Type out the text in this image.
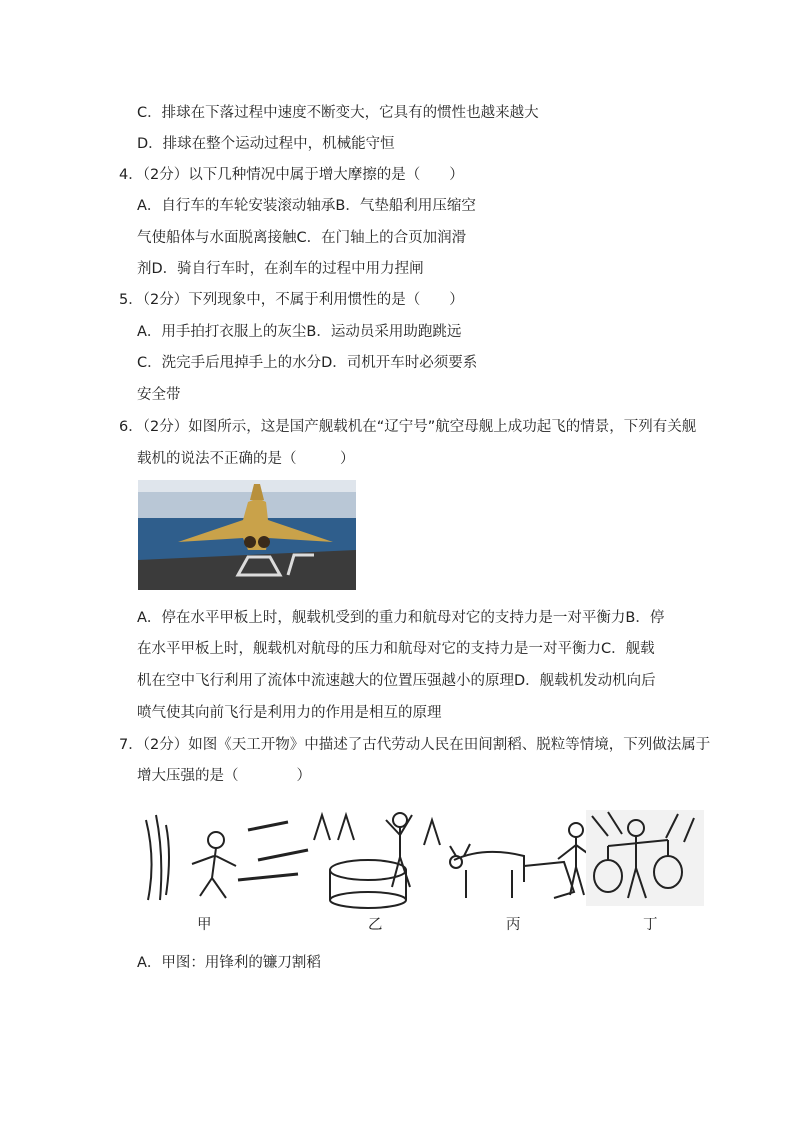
C．排球在下落过程中速度不断变大，它具有的惯性也越来越大
D．排球在整个运动过程中，机械能守恒
4．（2分）以下几种情况中属于增大摩擦的是（　　）
A．自行车的车轮安装滚动轴承B．气垫船利用压缩空
气使船体与水面脱离接触C．在门轴上的合页加润滑
剂D．骑自行车时，在刹车的过程中用力捏闸
5．（2分）下列现象中，不属于利用惯性的是（　　）
A．用手拍打衣服上的灰尘B．运动员采用助跑跳远
C．洗完手后甩掉手上的水分D．司机开车时必须要系
安全带
6．（2分）如图所示，这是国产舰载机在“辽宁号”航空母舰上成功起飞的情景，下列有关舰
载机的说法不正确的是（　　　）
A．停在水平甲板上时，舰载机受到的重力和航母对它的支持力是一对平衡力B．停
在水平甲板上时，舰载机对航母的压力和航母对它的支持力是一对平衡力C．舰载
机在空中飞行利用了流体中流速越大的位置压强越小的原理D．舰载机发动机向后
喷气使其向前飞行是利用力的作用是相互的原理
7．（2分）如图《天工开物》中描述了古代劳动人民在田间割稻、脱粒等情境，下列做法属于
增大压强的是（　　　　）
甲	乙	丙	丁
A．甲图：用锋利的镰刀割稻
